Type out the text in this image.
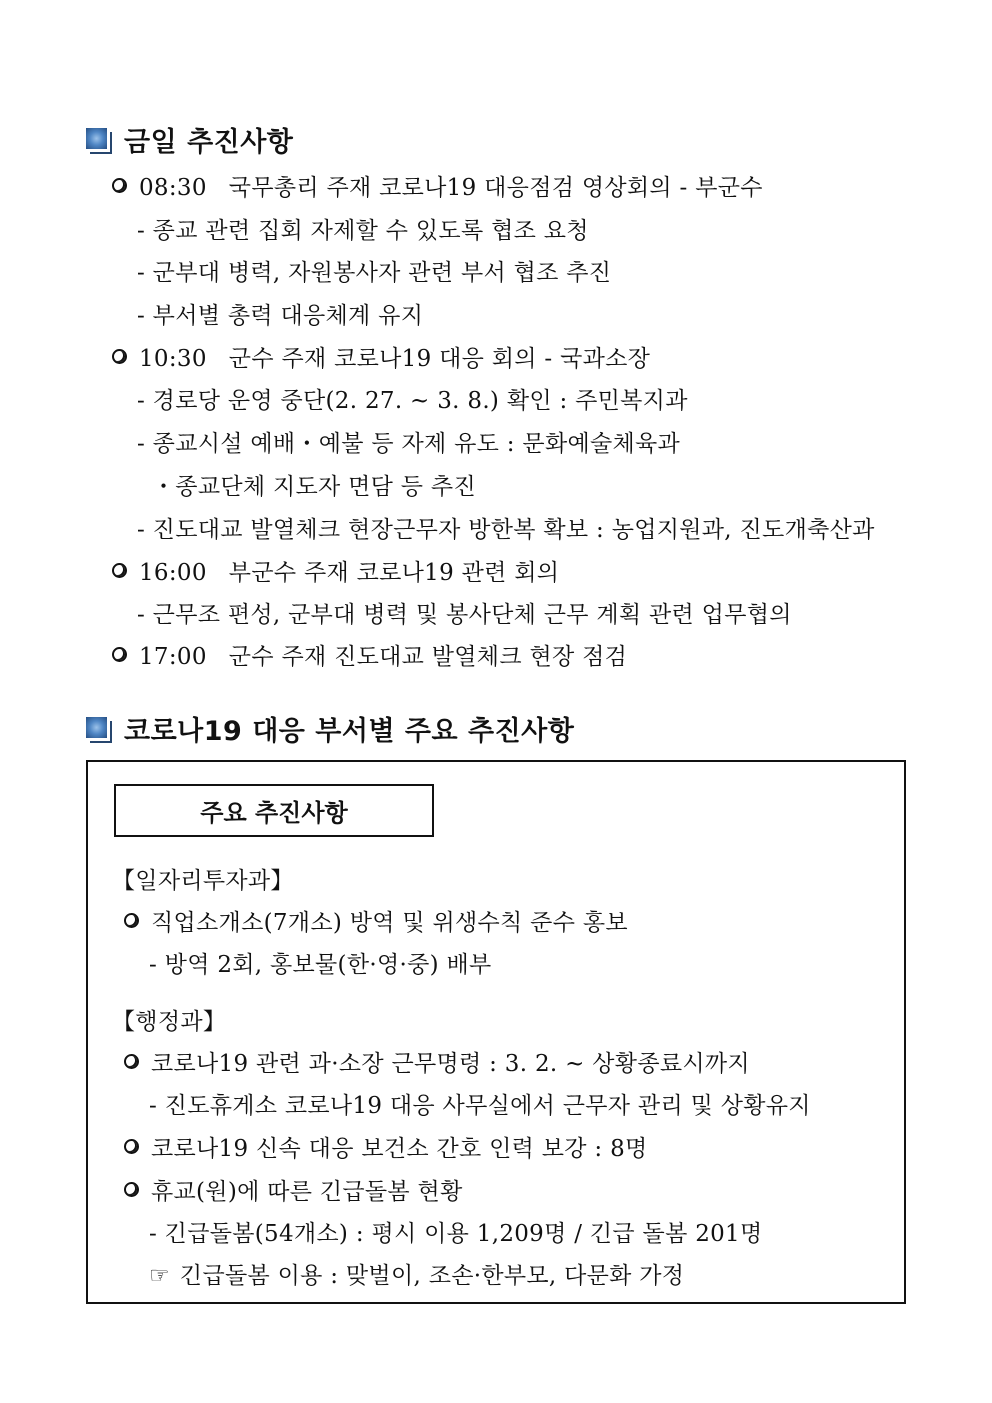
금일 추진사항
08:30 국무총리 주재 코로나19 대응점검 영상회의 - 부군수
- 종교 관련 집회 자제할 수 있도록 협조 요청
- 군부대 병력, 자원봉사자 관련 부서 협조 추진
- 부서별 총력 대응체계 유지
10:30 군수 주재 코로나19 대응 회의 - 국과소장
- 경로당 운영 중단(2. 27. ~ 3. 8.) 확인 : 주민복지과
- 종교시설 예배・예불 등 자제 유도 : 문화예술체육과
・종교단체 지도자 면담 등 추진
- 진도대교 발열체크 현장근무자 방한복 확보 : 농업지원과, 진도개축산과
16:00 부군수 주재 코로나19 관련 회의
- 근무조 편성, 군부대 병력 및 봉사단체 근무 계획 관련 업무협의
17:00 군수 주재 진도대교 발열체크 현장 점검
코로나19 대응 부서별 주요 추진사항
주요 추진사항
【일자리투자과】
직업소개소(7개소) 방역 및 위생수칙 준수 홍보
- 방역 2회, 홍보물(한·영·중) 배부
【행정과】
코로나19 관련 과·소장 근무명령 : 3. 2. ~ 상황종료시까지
- 진도휴게소 코로나19 대응 사무실에서 근무자 관리 및 상황유지
코로나19 신속 대응 보건소 간호 인력 보강 : 8명
휴교(원)에 따른 긴급돌봄 현황
- 긴급돌봄(54개소) : 평시 이용 1,209명 / 긴급 돌봄 201명
☞ 긴급돌봄 이용 : 맞벌이, 조손·한부모, 다문화 가정
